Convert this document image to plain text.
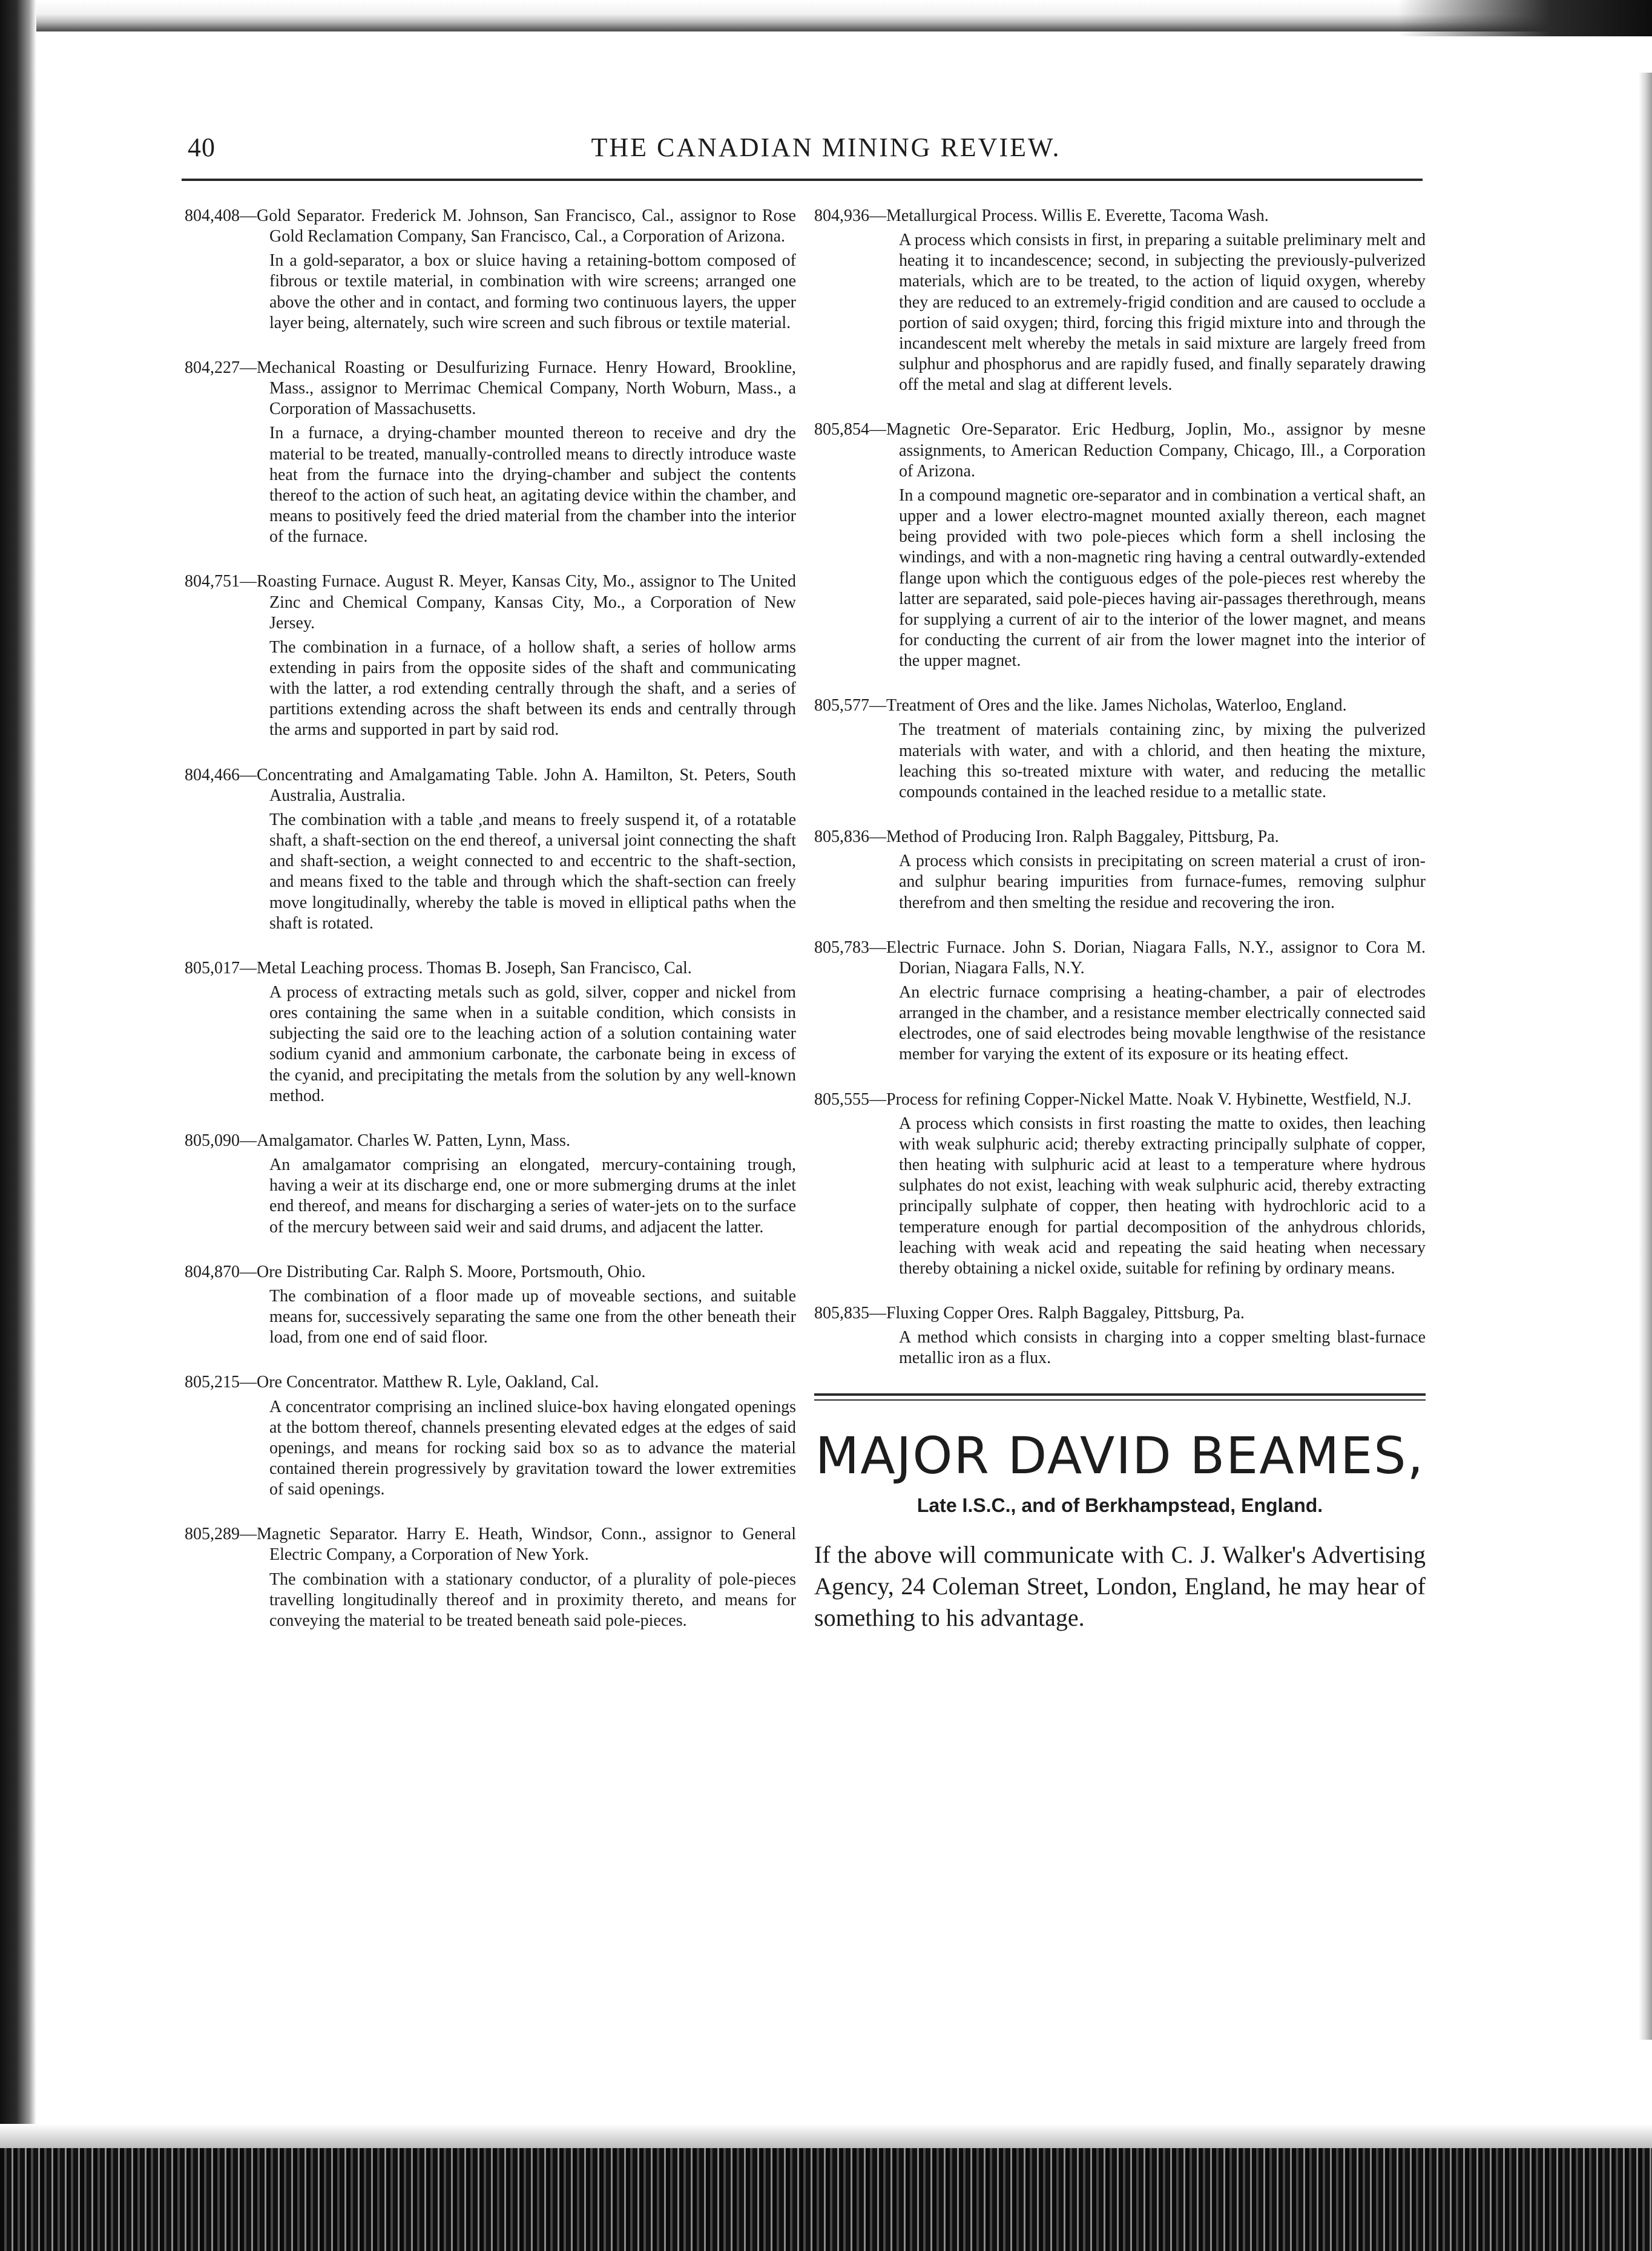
40	THE CANADIAN MINING REVIEW.

804,408—Gold Separator. Frederick M. Johnson, San Francisco, Cal., assignor to Rose Gold Reclamation Company, San Francisco, Cal., a Corporation of Arizona.

In a gold-separator, a box or sluice having a retaining-bottom composed of fibrous or textile material, in combination with wire screens; arranged one above the other and in contact, and forming two continuous layers, the upper layer being, alternately, such wire screen and such fibrous or textile material.

804,227—Mechanical Roasting or Desulfurizing Furnace. Henry Howard, Brookline, Mass., assignor to Merrimac Chemical Company, North Woburn, Mass., a Corporation of Massachusetts.

In a furnace, a drying-chamber mounted thereon to receive and dry the material to be treated, manually-controlled means to directly introduce waste heat from the furnace into the drying-chamber and subject the contents thereof to the action of such heat, an agitating device within the chamber, and means to positively feed the dried material from the chamber into the interior of the furnace.

804,751—Roasting Furnace. August R. Meyer, Kansas City, Mo., assignor to The United Zinc and Chemical Company, Kansas City, Mo., a Corporation of New Jersey.

The combination in a furnace, of a hollow shaft, a series of hollow arms extending in pairs from the opposite sides of the shaft and communicating with the latter, a rod extending centrally through the shaft, and a series of partitions extending across the shaft between its ends and centrally through the arms and supported in part by said rod.

804,466—Concentrating and Amalgamating Table. John A. Hamilton, St. Peters, South Australia, Australia.

The combination with a table ,and means to freely suspend it, of a rotatable shaft, a shaft-section on the end thereof, a universal joint connecting the shaft and shaft-section, a weight connected to and eccentric to the shaft-section, and means fixed to the table and through which the shaft-section can freely move longitudinally, whereby the table is moved in elliptical paths when the shaft is rotated.

805,017—Metal Leaching process. Thomas B. Joseph, San Francisco, Cal.

A process of extracting metals such as gold, silver, copper and nickel from ores containing the same when in a suitable condition, which consists in subjecting the said ore to the leaching action of a solution containing water sodium cyanid and ammonium carbonate, the carbonate being in excess of the cyanid, and precipitating the metals from the solution by any well-known method.

805,090—Amalgamator. Charles W. Patten, Lynn, Mass.

An amalgamator comprising an elongated, mercury-containing trough, having a weir at its discharge end, one or more submerging drums at the inlet end thereof, and means for discharging a series of water-jets on to the surface of the mercury between said weir and said drums, and adjacent the latter.

804,870—Ore Distributing Car. Ralph S. Moore, Portsmouth, Ohio.

The combination of a floor made up of moveable sections, and suitable means for, successively separating the same one from the other beneath their load, from one end of said floor.

805,215—Ore Concentrator. Matthew R. Lyle, Oakland, Cal.

A concentrator comprising an inclined sluice-box having elongated openings at the bottom thereof, channels presenting elevated edges at the edges of said openings, and means for rocking said box so as to advance the material contained therein progressively by gravitation toward the lower extremities of said openings.

805,289—Magnetic Separator. Harry E. Heath, Windsor, Conn., assignor to General Electric Company, a Corporation of New York.

The combination with a stationary conductor, of a plurality of pole-pieces travelling longitudinally thereof and in proximity thereto, and means for conveying the material to be treated beneath said pole-pieces.

804,936—Metallurgical Process. Willis E. Everette, Tacoma Wash.

A process which consists in first, in preparing a suitable preliminary melt and heating it to incandescence; second, in subjecting the previously-pulverized materials, which are to be treated, to the action of liquid oxygen, whereby they are reduced to an extremely-frigid condition and are caused to occlude a portion of said oxygen; third, forcing this frigid mixture into and through the incandescent melt whereby the metals in said mixture are largely freed from sulphur and phosphorus and are rapidly fused, and finally separately drawing off the metal and slag at different levels.

805,854—Magnetic Ore-Separator. Eric Hedburg, Joplin, Mo., assignor by mesne assignments, to American Reduction Company, Chicago, Ill., a Corporation of Arizona.

In a compound magnetic ore-separator and in combination a vertical shaft, an upper and a lower electro-magnet mounted axially thereon, each magnet being provided with two pole-pieces which form a shell inclosing the windings, and with a non-magnetic ring having a central outwardly-extended flange upon which the contiguous edges of the pole-pieces rest whereby the latter are separated, said pole-pieces having air-passages therethrough, means for supplying a current of air to the interior of the lower magnet, and means for conducting the current of air from the lower magnet into the interior of the upper magnet.

805,577—Treatment of Ores and the like. James Nicholas, Waterloo, England.

The treatment of materials containing zinc, by mixing the pulverized materials with water, and with a chlorid, and then heating the mixture, leaching this so-treated mixture with water, and reducing the metallic compounds contained in the leached residue to a metallic state.

805,836—Method of Producing Iron. Ralph Baggaley, Pittsburg, Pa.

A process which consists in precipitating on screen material a crust of iron-and sulphur bearing impurities from furnace-fumes, removing sulphur therefrom and then smelting the residue and recovering the iron.

805,783—Electric Furnace. John S. Dorian, Niagara Falls, N.Y., assignor to Cora M. Dorian, Niagara Falls, N.Y.

An electric furnace comprising a heating-chamber, a pair of electrodes arranged in the chamber, and a resistance member electrically connected said electrodes, one of said electrodes being movable lengthwise of the resistance member for varying the extent of its exposure or its heating effect.

805,555—Process for refining Copper-Nickel Matte. Noak V. Hybinette, Westfield, N.J.

A process which consists in first roasting the matte to oxides, then leaching with weak sulphuric acid; thereby extracting principally sulphate of copper, then heating with sulphuric acid at least to a temperature where hydrous sulphates do not exist, leaching with weak sulphuric acid, thereby extracting principally sulphate of copper, then heating with hydrochloric acid to a temperature enough for partial decomposition of the anhydrous chlorids, leaching with weak acid and repeating the said heating when necessary thereby obtaining a nickel oxide, suitable for refining by ordinary means.

805,835—Fluxing Copper Ores. Ralph Baggaley, Pittsburg, Pa.

A method which consists in charging into a copper smelting blast-furnace metallic iron as a flux.

MAJOR DAVID BEAMES,

Late I.S.C., and of Berkhampstead, England.

If the above will communicate with C. J. Walker's Advertising Agency, 24 Coleman Street, London, England, he may hear of something to his advantage.
